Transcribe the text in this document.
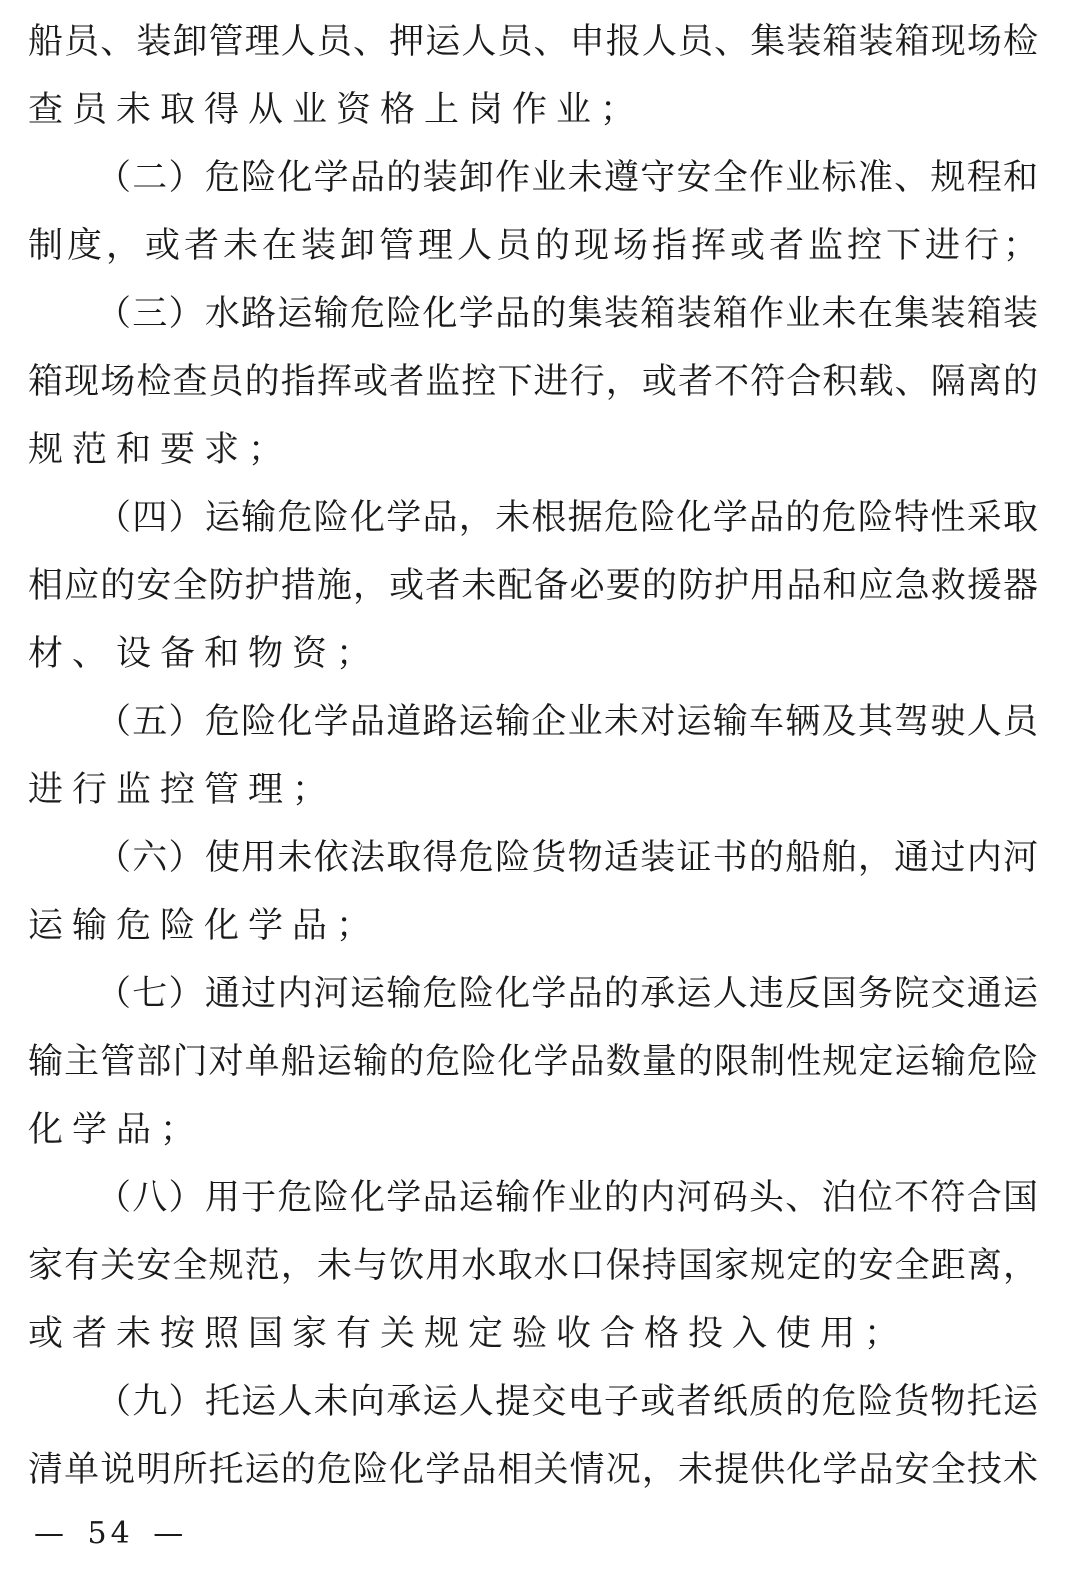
船员、装卸管理人员、押运人员、申报人员、集装箱装箱现场检
查员未取得从业资格上岗作业；
（二）危险化学品的装卸作业未遵守安全作业标准、规程和
制度，或者未在装卸管理人员的现场指挥或者监控下进行；
（三）水路运输危险化学品的集装箱装箱作业未在集装箱装
箱现场检查员的指挥或者监控下进行，或者不符合积载、隔离的
规范和要求；
（四）运输危险化学品，未根据危险化学品的危险特性采取
相应的安全防护措施，或者未配备必要的防护用品和应急救援器
材、设备和物资；
（五）危险化学品道路运输企业未对运输车辆及其驾驶人员
进行监控管理；
（六）使用未依法取得危险货物适装证书的船舶，通过内河
运输危险化学品；
（七）通过内河运输危险化学品的承运人违反国务院交通运
输主管部门对单船运输的危险化学品数量的限制性规定运输危险
化学品；
（八）用于危险化学品运输作业的内河码头、泊位不符合国
家有关安全规范，未与饮用水取水口保持国家规定的安全距离，
或者未按照国家有关规定验收合格投入使用；
（九）托运人未向承运人提交电子或者纸质的危险货物托运
清单说明所托运的危险化学品相关情况，未提供化学品安全技术
— 54 —
